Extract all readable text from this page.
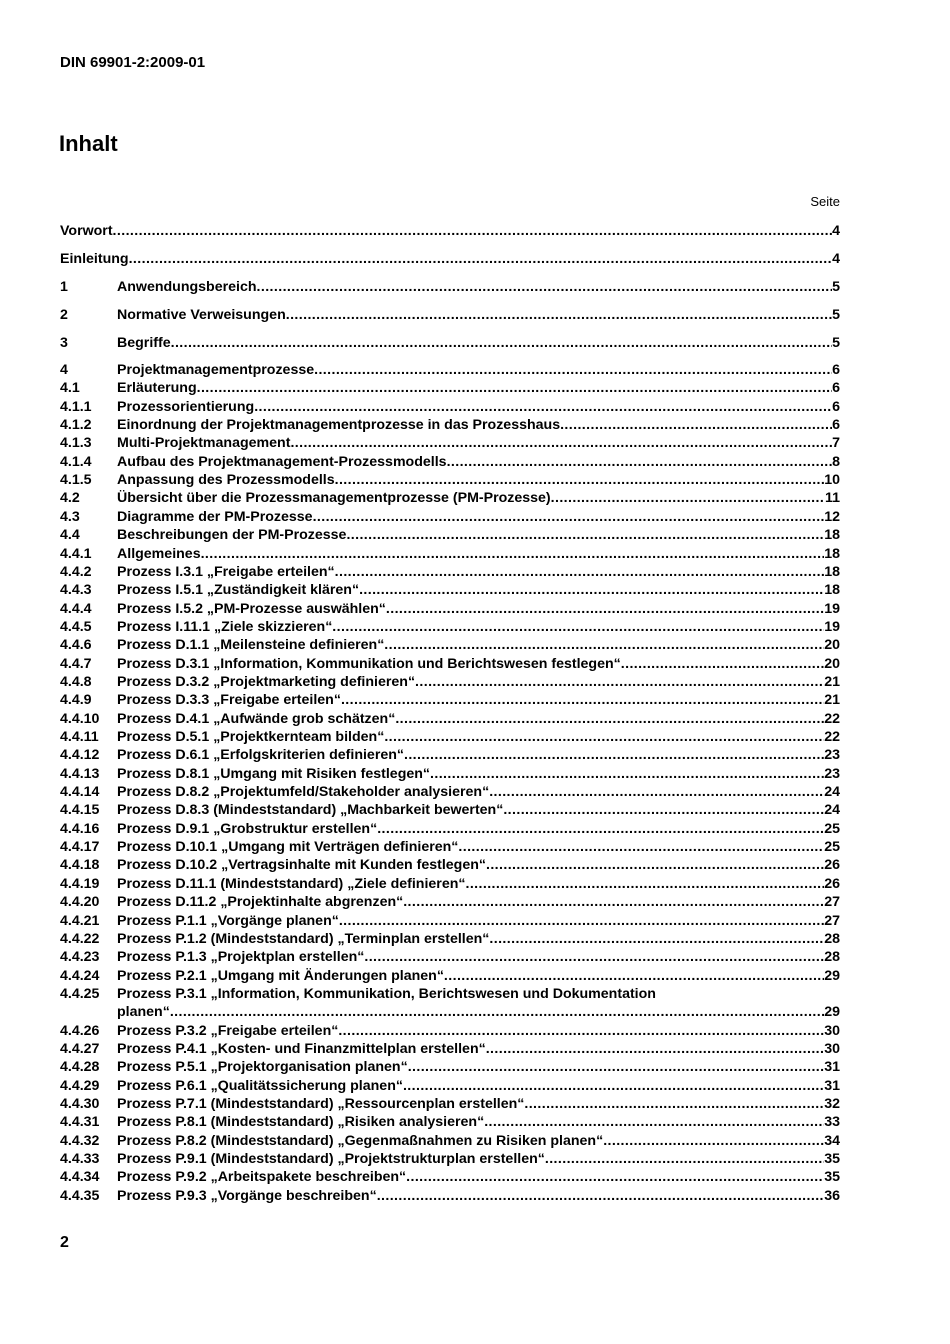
DIN 69901-2:2009-01
Inhalt
Seite
Vorwort .....	4
Einleitung .....	4
1	Anwendungsbereich .....	5
2	Normative Verweisungen .....	5
3	Begriffe .....	5
4	Projektmanagementprozesse .....	6
4.1	Erläuterung .....	6
4.1.1	Prozessorientierung .....	6
4.1.2	Einordnung der Projektmanagementprozesse in das Prozesshaus .....	6
4.1.3	Multi-Projektmanagement .....	7
4.1.4	Aufbau des Projektmanagement-Prozessmodells .....	8
4.1.5	Anpassung des Prozessmodells .....	10
4.2	Übersicht über die Prozessmanagementprozesse (PM-Prozesse) .....	11
4.3	Diagramme der PM-Prozesse .....	12
4.4	Beschreibungen der PM-Prozesse .....	18
4.4.1	Allgemeines .....	18
4.4.2	Prozess I.3.1 „Freigabe erteilen“ .....	18
4.4.3	Prozess I.5.1 „Zuständigkeit klären“ .....	18
4.4.4	Prozess I.5.2 „PM-Prozesse auswählen“ .....	19
4.4.5	Prozess I.11.1 „Ziele skizzieren“ .....	19
4.4.6	Prozess D.1.1 „Meilensteine definieren“ .....	20
4.4.7	Prozess D.3.1 „Information, Kommunikation und Berichtswesen festlegen“ .....	20
4.4.8	Prozess D.3.2 „Projektmarketing definieren“ .....	21
4.4.9	Prozess D.3.3 „Freigabe erteilen“ .....	21
4.4.10	Prozess D.4.1 „Aufwände grob schätzen“ .....	22
4.4.11	Prozess D.5.1 „Projektkernteam bilden“ .....	22
4.4.12	Prozess D.6.1 „Erfolgskriterien definieren“ .....	23
4.4.13	Prozess D.8.1 „Umgang mit Risiken festlegen“ .....	23
4.4.14	Prozess D.8.2 „Projektumfeld/Stakeholder analysieren“ .....	24
4.4.15	Prozess D.8.3 (Mindeststandard) „Machbarkeit bewerten“ .....	24
4.4.16	Prozess D.9.1 „Grobstruktur erstellen“ .....	25
4.4.17	Prozess D.10.1 „Umgang mit Verträgen definieren“ .....	25
4.4.18	Prozess D.10.2 „Vertragsinhalte mit Kunden festlegen“ .....	26
4.4.19	Prozess D.11.1 (Mindeststandard) „Ziele definieren“ .....	26
4.4.20	Prozess D.11.2 „Projektinhalte abgrenzen“ .....	27
4.4.21	Prozess P.1.1 „Vorgänge planen“ .....	27
4.4.22	Prozess P.1.2 (Mindeststandard) „Terminplan erstellen“ .....	28
4.4.23	Prozess P.1.3 „Projektplan erstellen“ .....	28
4.4.24	Prozess P.2.1 „Umgang mit Änderungen planen“ .....	29
4.4.25	Prozess P.3.1 „Information, Kommunikation, Berichtswesen und Dokumentation
planen“ .....	29
4.4.26	Prozess P.3.2 „Freigabe erteilen“ .....	30
4.4.27	Prozess P.4.1 „Kosten- und Finanzmittelplan erstellen“ .....	30
4.4.28	Prozess P.5.1 „Projektorganisation planen“ .....	31
4.4.29	Prozess P.6.1 „Qualitätssicherung planen“ .....	31
4.4.30	Prozess P.7.1 (Mindeststandard) „Ressourcenplan erstellen“ .....	32
4.4.31	Prozess P.8.1 (Mindeststandard) „Risiken analysieren“ .....	33
4.4.32	Prozess P.8.2 (Mindeststandard) „Gegenmaßnahmen zu Risiken planen“ .....	34
4.4.33	Prozess P.9.1 (Mindeststandard) „Projektstrukturplan erstellen“ .....	35
4.4.34	Prozess P.9.2 „Arbeitspakete beschreiben“ .....	35
4.4.35	Prozess P.9.3 „Vorgänge beschreiben“ .....	36
2
